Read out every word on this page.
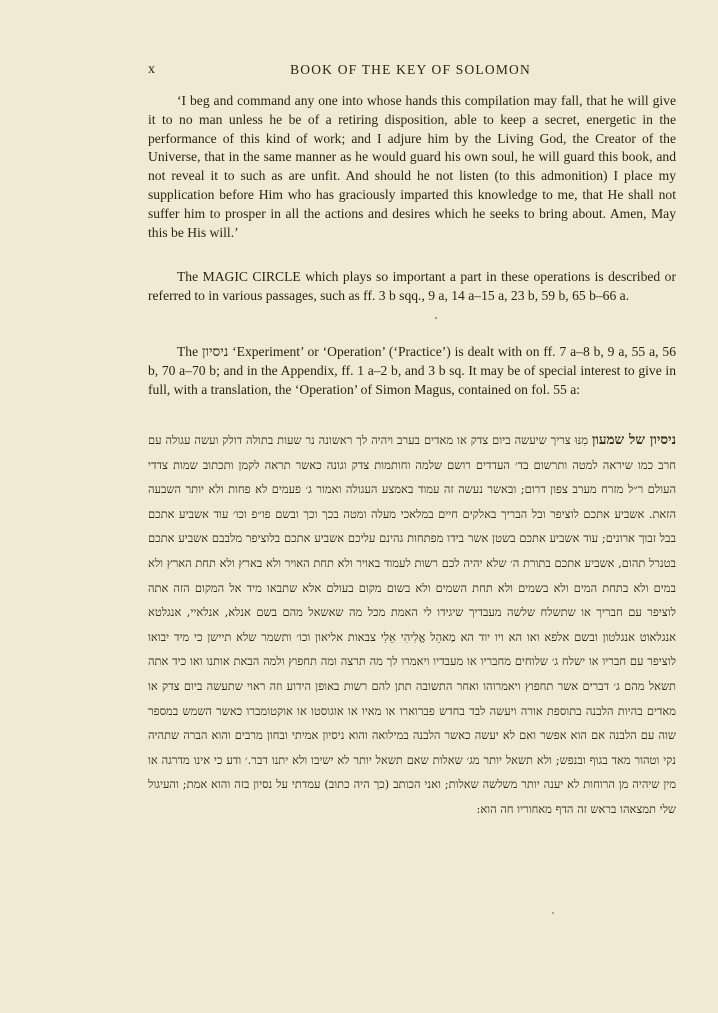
x	BOOK OF THE KEY OF SOLOMON

‘I beg and command any one into whose hands this compilation may fall, that he will give it to no man unless he be of a retiring disposition, able to keep a secret, energetic in the performance of this kind of work; and I adjure him by the Living God, the Creator of the Universe, that in the same manner as he would guard his own soul, he will guard this book, and not reveal it to such as are unfit. And should he not listen (to this admonition) I place my supplication before Him who has graciously imparted this knowledge to me, that He shall not suffer him to prosper in all the actions and desires which he seeks to bring about. Amen, May this be His will.’

The MAGIC CIRCLE which plays so important a part in these operations is described or referred to in various passages, such as ff. 3 b sqq., 9 a, 14 a–15 a, 23 b, 59 b, 65 b–66 a.

The ניסיון ‘Experiment’ or ‘Operation’ (‘Practice’) is dealt with on ff. 7 a–8 b, 9 a, 55 a, 56 b, 70 a–70 b; and in the Appendix, ff. 1 a–2 b, and 3 b sq. It may be of special interest to give in full, with a translation, the ‘Operation’ of Simon Magus, contained on fol. 55 a:

ניסיון של שמעון מִנּוּ צריך שיעשה ביום צדק או מאדים בערב ויהיה לך ראשונה נר שעות בתולה דולק ועשה עגולה עם חרב כמו שיראה למטה ותרשום בד׳ העדדים רושם שלמה וחותמות צדק וגונה כאשר תראה לקמן ותכתוב שמות צדדי העולם ר״ל מזרח מערב צפון דרום; ובאשר נעשה זה עמוד באמצע העגולה ואמור ג׳ פעמים לא פחות ולא יותר השבעה הזאת. אשביע אתכם לוציפר ובל הבריך באלקים חיים במלאכי מעלה ומטה בכך וכך ובשם פו״פ וכו׳ עוד אשביע אתכם בבל זבוך ארונים; עוד אשביע אתכם בשטן אשר בידו מפתחות גהינם עליכם אשביע אתכם בלוציפר מלבבם אשביע אתכם בטנרל תהום, אשביע אתכם בתורת ה׳ שלא יהיה לכם רשות לעמוד באויר ולא תחת האויר ולא בארץ ולא תחת הארץ ולא במים ולא בתחת המים ולא בשמים ולא תחת השמים ולא בשום מקום בעולם אלא שתבאו מיד אל המקום הזה אתה לוציפר עם חבריך או שתשלח שלשה מעבדיך שיגידו לי האמת מכל מה שאשאל מהם בשם אנלא, אנלאיי, אנגלטא אנגלאוט אנגלטון ובשם אלפא ואו הא ויו יוד הא מַאהֵל אֱלִיהִי אֵלִי צבאות אליאון וכו׳ ותשמר שלא תיישן כי מיד יבואו לוציפר עם חבריו או ישלח ג׳ שלוחים מחבריו או מעבדיו ויאמרו לך מה תרצה ומה תחפוץ ולמה הבאת אותנו ואו כיד אתה תשאל מהם ג׳ דברים אשר תחפוץ ויאמרוהו ואחר התשובה תתן להם רשות באופן הידוע וזה ראוי שתעשה ביום צדק או מאדים בהיות הלבנה בתוספת אורה ויעשה לבד בחדש פברוארו או מאיו או אוגוסטו או אוקטומברו כאשר השמש במספר שוה עם הלבנה אם הוא אפשר ואם לא יעשה כאשר הלבנה במילואה והוא ניסיון אמיתי ובחון מרבים והוא הברה שתהיה נקי וטהור מאד בגוף ובנפש; ולא תשאל יותר מג׳ שאלות שאם תשאל יותר לא ישיבו ולא יתנו דבר.׳ ודע כי אינו מדרגה או מין שיהיה מן הרוחות לא יענה יותר משלשה שאלות; ואני הכותב (כך היה כתוב) עמדתי על נסיון בזה והוא אמת; והעיגול שלי תמצאהו בראש זה הדף מאחוריו חה הוא:
